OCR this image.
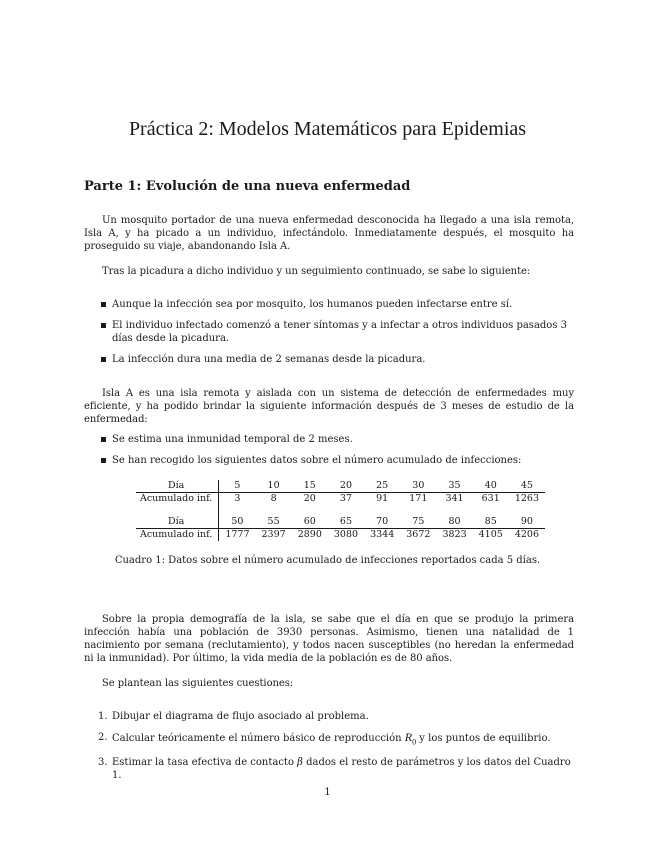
Práctica 2: Modelos Matemáticos para Epidemias
Parte 1: Evolución de una nueva enfermedad

Un mosquito portador de una nueva enfermedad desconocida ha llegado a una isla remota, Isla A, y ha picado a un individuo, infectándolo. Inmediatamente después, el mosquito ha proseguido su viaje, abandonando Isla A.

Tras la picadura a dicho individuo y un seguimiento continuado, se sabe lo siguiente:

Aunque la infección sea por mosquito, los humanos pueden infectarse entre sí.
El individuo infectado comenzó a tener síntomas y a infectar a otros individuos pasados 3 días desde la picadura.
La infección dura una media de 2 semanas desde la picadura.

Isla A es una isla remota y aislada con un sistema de detección de enfermedades muy eficiente, y ha podido brindar la siguiente información después de 3 meses de estudio de la enfermedad:

Se estima una inmunidad temporal de 2 meses.
Se han recogido los siguientes datos sobre el número acumulado de infecciones:
Día	5	10	15	20	25	30	35	40	45
Acumulado inf.	3	8	20	37	91	171	341	631	1263

Día	50	55	60	65	70	75	80	85	90
Acumulado inf.	1777	2397	2890	3080	3344	3672	3823	4105	4206

Cuadro 1: Datos sobre el número acumulado de infecciones reportados cada 5 días.

Sobre la propia demografía de la isla, se sabe que el día en que se produjo la primera infección había una población de 3930 personas. Asimismo, tienen una natalidad de 1 nacimiento por semana (reclutamiento), y todos nacen susceptibles (no heredan la enfermedad ni la inmunidad). Por último, la vida media de la población es de 80 años.

Se plantean las siguientes cuestiones:

1. Dibujar el diagrama de flujo asociado al problema.
2. Calcular teóricamente el número básico de reproducción $R_0$ y los puntos de equilibrio.
3. Estimar la tasa efectiva de contacto β dados el resto de parámetros y los datos del Cuadro 1.

1
